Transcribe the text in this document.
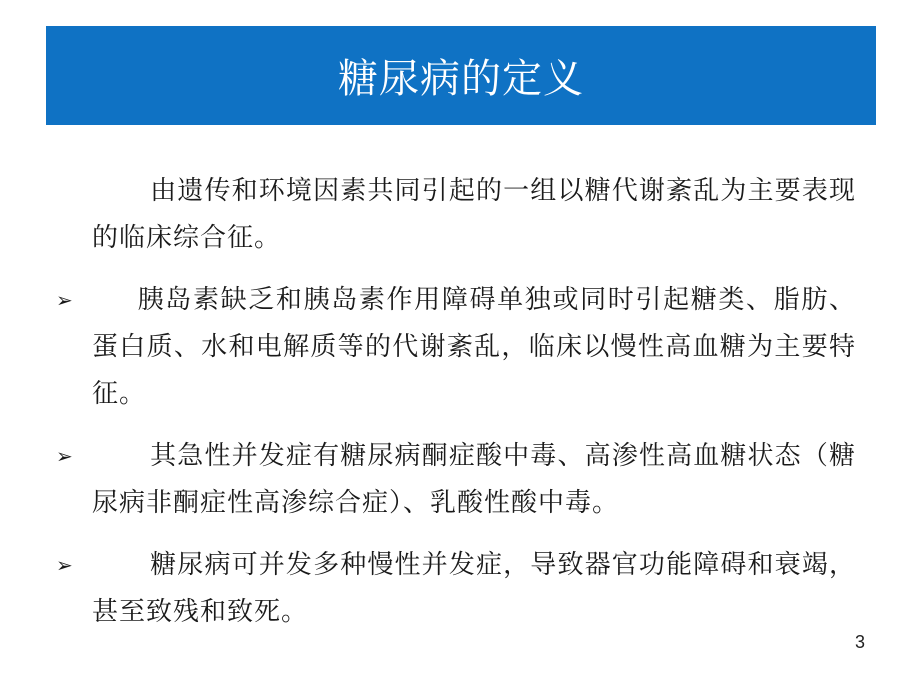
糖尿病的定义

由遗传和环境因素共同引起的一组以糖代谢紊乱为主要表现的临床综合征。

➢ 胰岛素缺乏和胰岛素作用障碍单独或同时引起糖类、脂肪、蛋白质、水和电解质等的代谢紊乱，临床以慢性高血糖为主要特征。

➢	其急性并发症有糖尿病酮症酸中毒、高渗性高血糖状态（糖尿病非酮症性高渗综合症）、乳酸性酸中毒。

➢	糖尿病可并发多种慢性并发症，导致器官功能障碍和衰竭，甚至致残和致死。

3
